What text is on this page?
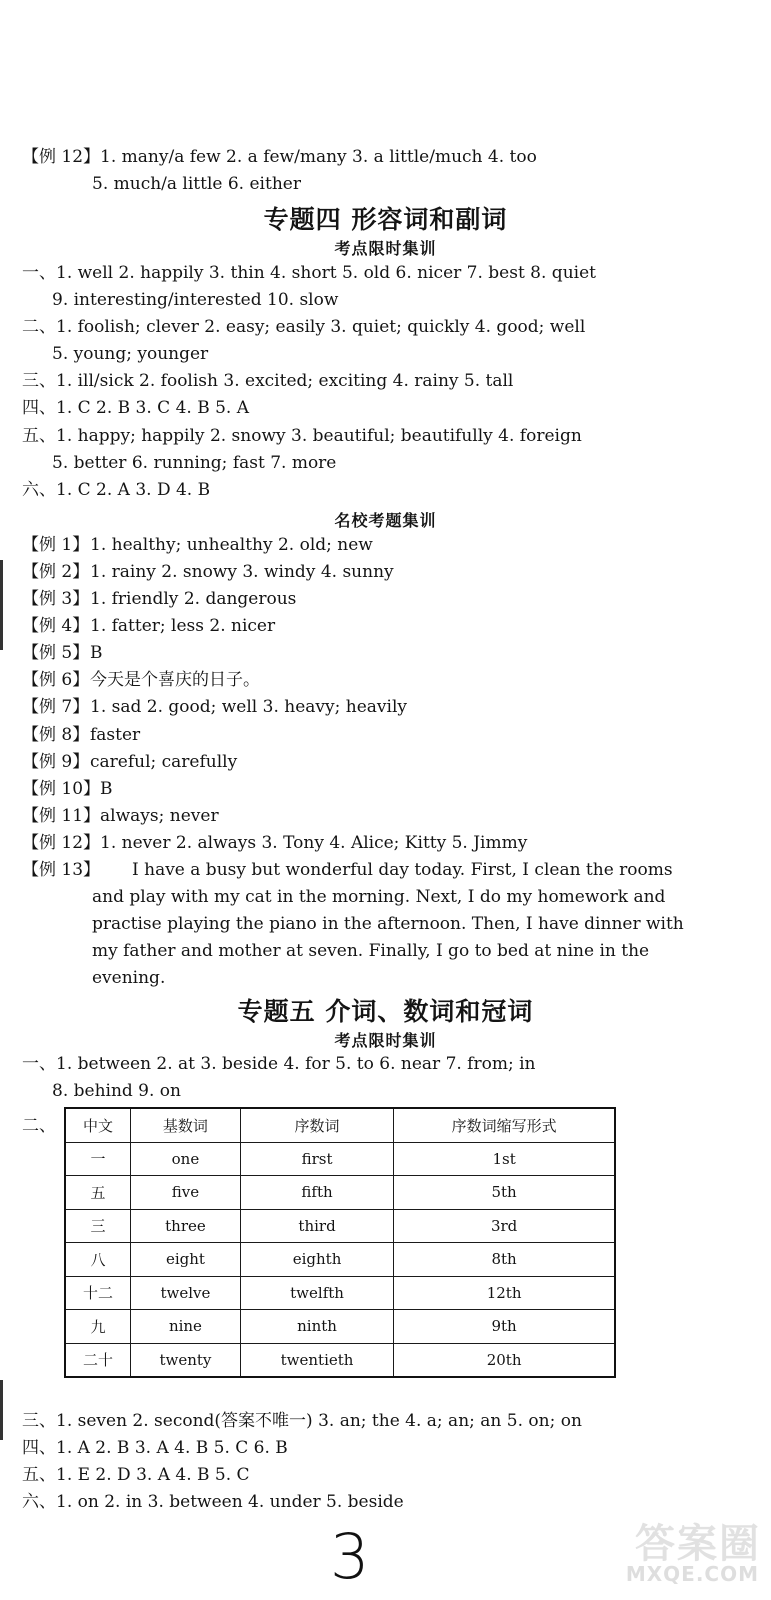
【例 12】1. many/a few 2. a few/many 3. a little/much 4. too
5. much/a little 6. either
专题四 形容词和副词
考点限时集训
一、1. well 2. happily 3. thin 4. short 5. old 6. nicer 7. best 8. quiet
9. interesting/interested 10. slow
二、1. foolish; clever 2. easy; easily 3. quiet; quickly 4. good; well
5. young; younger
三、1. ill/sick 2. foolish 3. excited; exciting 4. rainy 5. tall
四、1. C 2. B 3. C 4. B 5. A
五、1. happy; happily 2. snowy 3. beautiful; beautifully 4. foreign
5. better 6. running; fast 7. more
六、1. C 2. A 3. D 4. B
名校考题集训
【例 1】1. healthy; unhealthy 2. old; new
【例 2】1. rainy 2. snowy 3. windy 4. sunny
【例 3】1. friendly 2. dangerous
【例 4】1. fatter; less 2. nicer
【例 5】B
【例 6】今天是个喜庆的日子。
【例 7】1. sad 2. good; well 3. heavy; heavily
【例 8】faster
【例 9】careful; carefully
【例 10】B
【例 11】always; never
【例 12】1. never 2. always 3. Tony 4. Alice; Kitty 5. Jimmy
【例 13】 I have a busy but wonderful day today. First, I clean the rooms
and play with my cat in the morning. Next, I do my homework and
practise playing the piano in the afternoon. Then, I have dinner with
my father and mother at seven. Finally, I go to bed at nine in the
evening.
专题五 介词、数词和冠词
考点限时集训
一、1. between 2. at 3. beside 4. for 5. to 6. near 7. from; in
8. behind 9. on
二、 中文	基数词	序数词	序数词缩写形式
一	one	first	1st
五	five	fifth	5th
三	three	third	3rd
八	eight	eighth	8th
十二	twelve	twelfth	12th
九	nine	ninth	9th
二十	twenty	twentieth	20th
三、1. seven 2. second(答案不唯一) 3. an; the 4. a; an; an 5. on; on
四、1. A 2. B 3. A 4. B 5. C 6. B
五、1. E 2. D 3. A 4. B 5. C
六、1. on 2. in 3. between 4. under 5. beside
3	答案圈
MXQE.COM
